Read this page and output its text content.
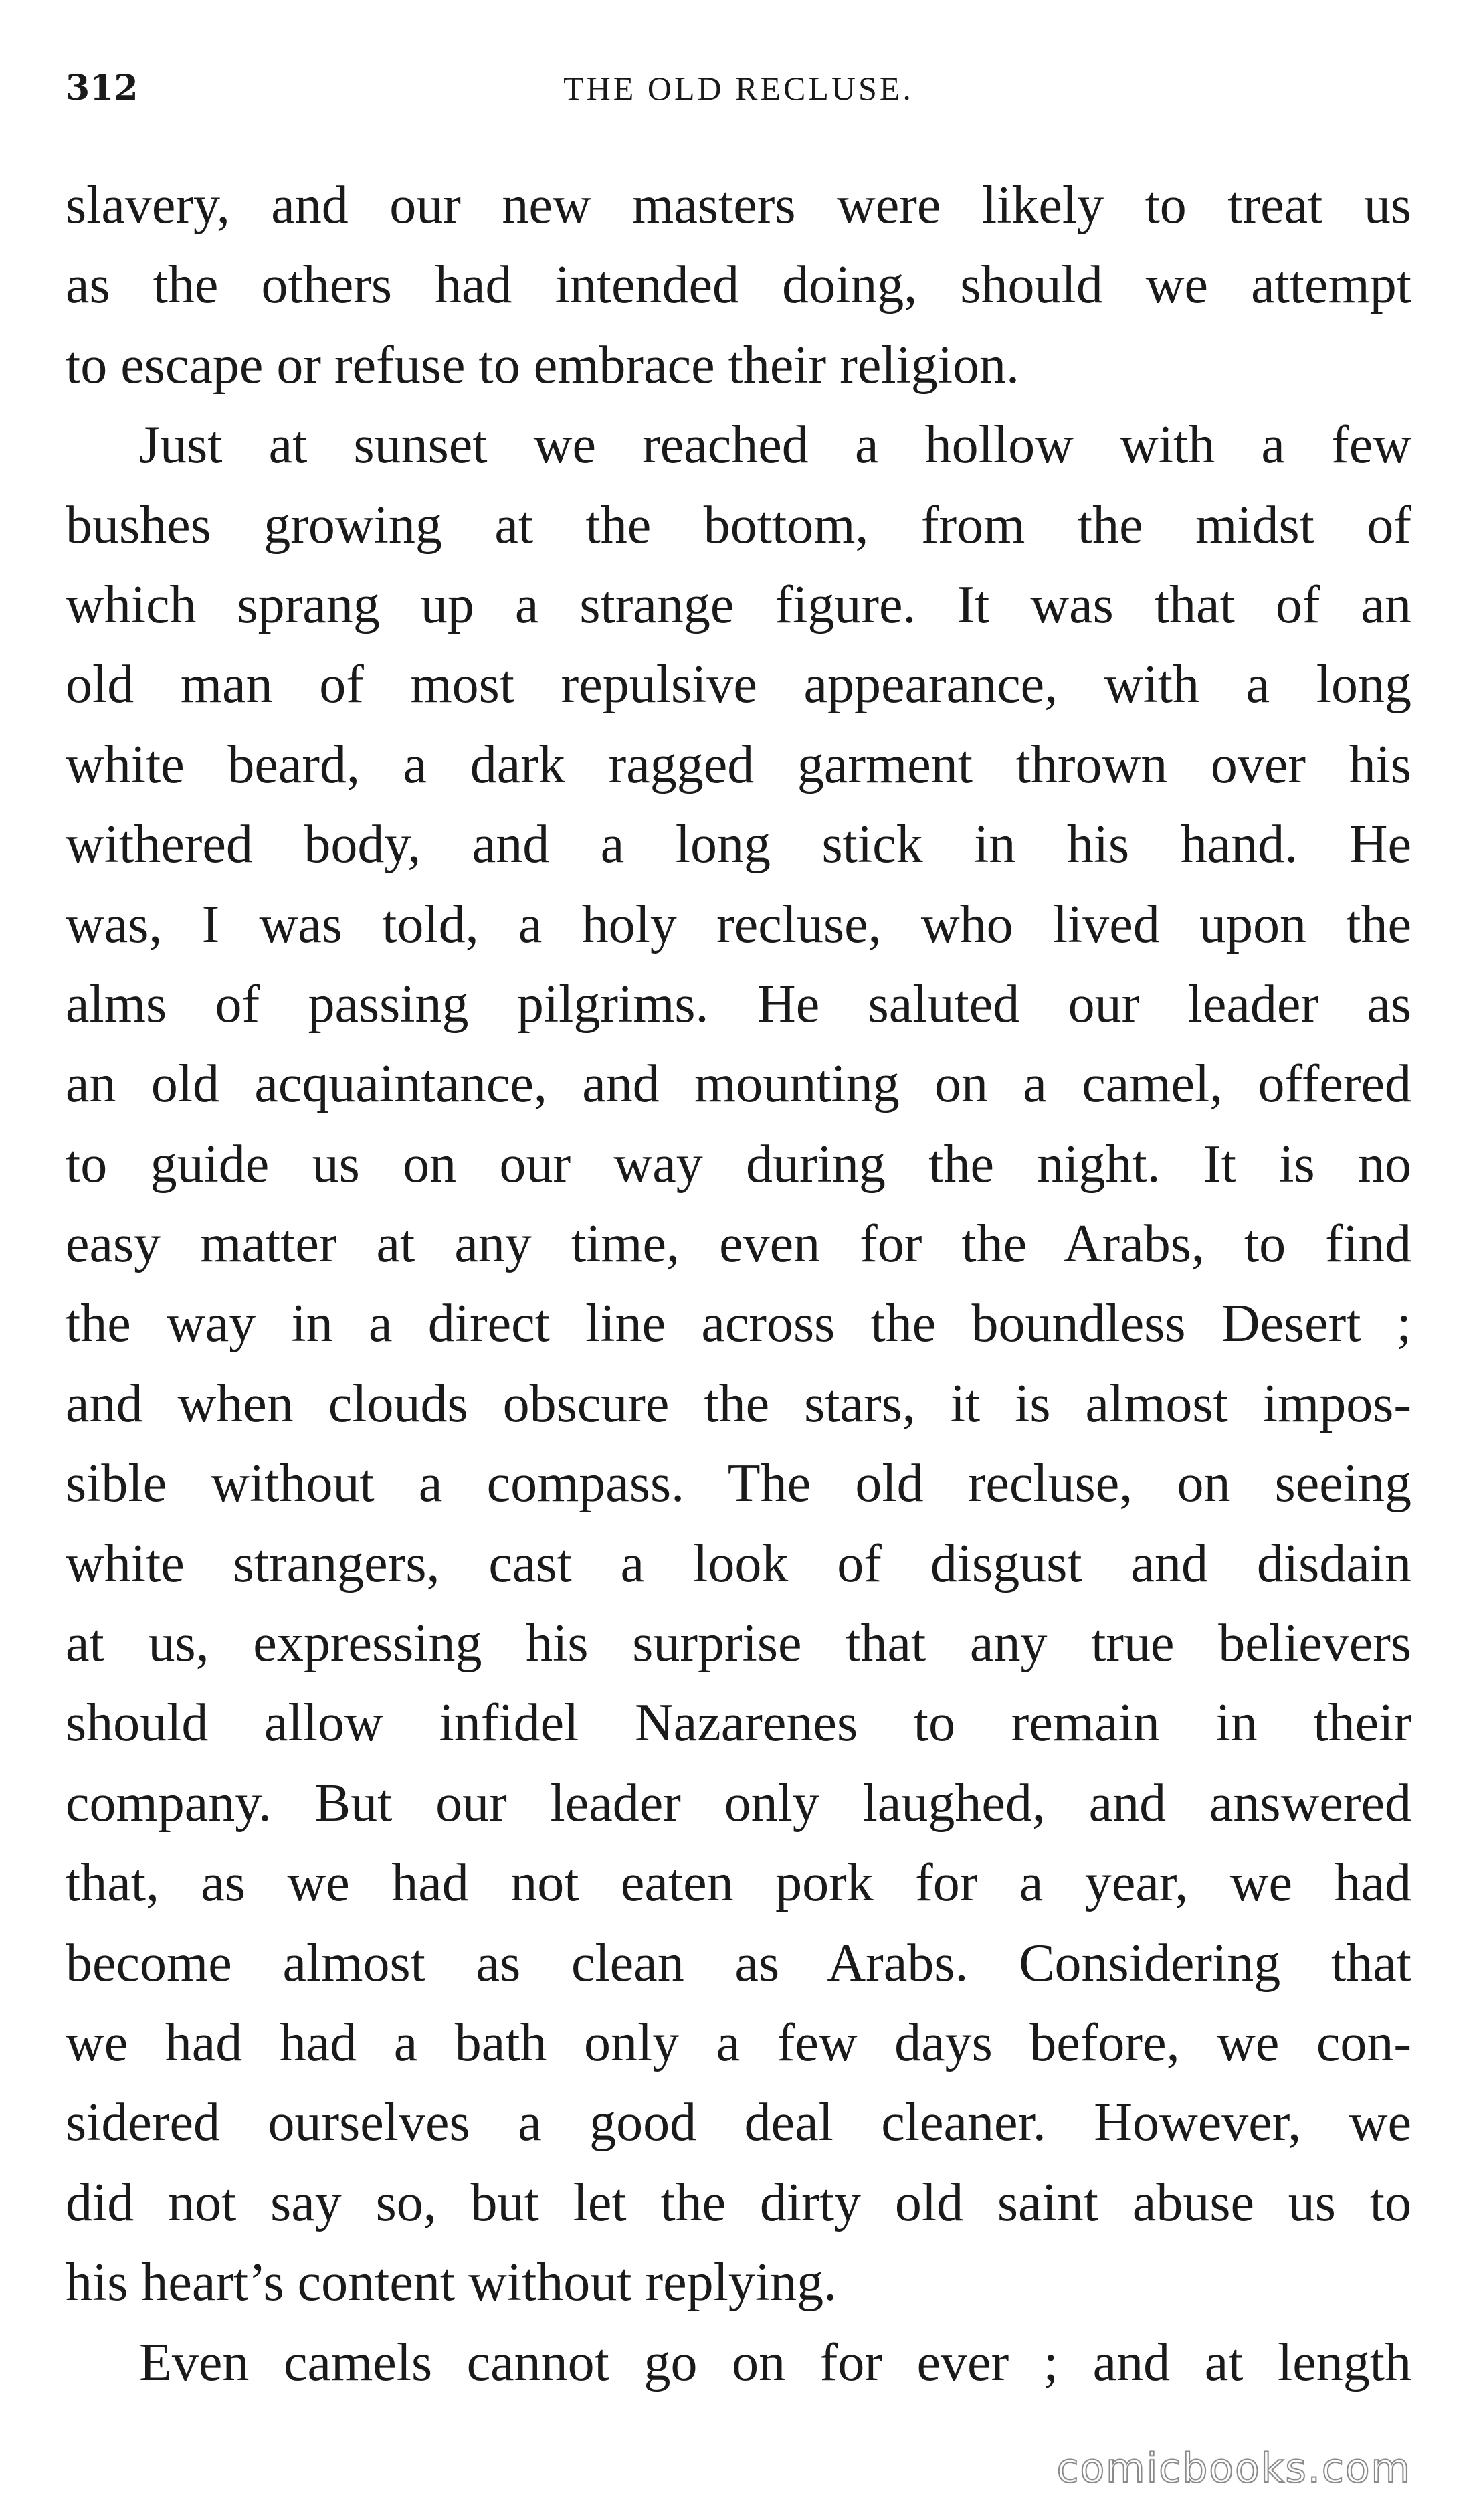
312	THE OLD RECLUSE.
slavery, and our new masters were likely to treat us
as the others had intended doing, should we attempt
to escape or refuse to embrace their religion.
Just at sunset we reached a hollow with a few
bushes growing at the bottom, from the midst of
which sprang up a strange figure. It was that of an
old man of most repulsive appearance, with a long
white beard, a dark ragged garment thrown over his
withered body, and a long stick in his hand. He
was, I was told, a holy recluse, who lived upon the
alms of passing pilgrims. He saluted our leader as
an old acquaintance, and mounting on a camel, offered
to guide us on our way during the night. It is no
easy matter at any time, even for the Arabs, to find
the way in a direct line across the boundless Desert ;
and when clouds obscure the stars, it is almost impos-
sible without a compass. The old recluse, on seeing
white strangers, cast a look of disgust and disdain
at us, expressing his surprise that any true believers
should allow infidel Nazarenes to remain in their
company. But our leader only laughed, and answered
that, as we had not eaten pork for a year, we had
become almost as clean as Arabs. Considering that
we had had a bath only a few days before, we con-
sidered ourselves a good deal cleaner. However, we
did not say so, but let the dirty old saint abuse us to
his heart’s content without replying.
Even camels cannot go on for ever ; and at length
comicbooks.com
